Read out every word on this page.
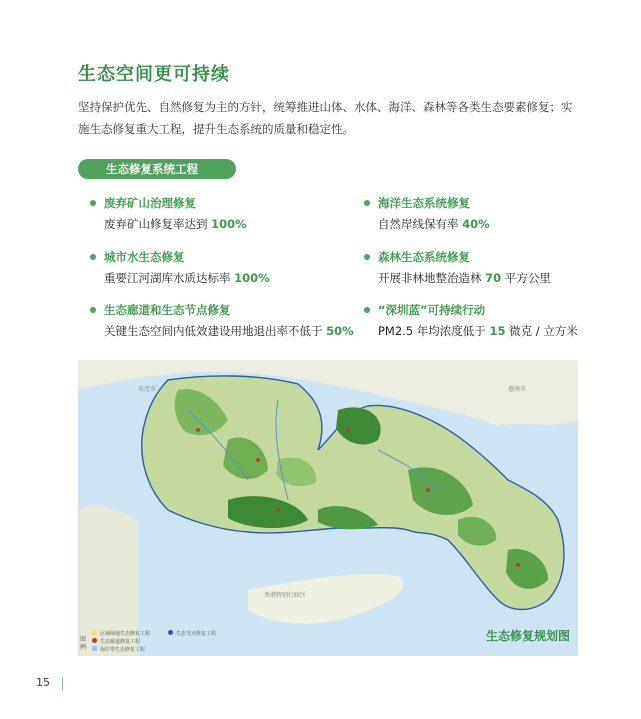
生态空间更可持续
坚持保护优先、自然修复为主的方针，统筹推进山体、水体、海洋、森林等各类生态要素修复；实施生态修复重大工程，提升生态系统的质量和稳定性。
生态修复系统工程
废弃矿山治理修复
废弃矿山修复率达到 100%
海洋生态系统修复
自然岸线保有率 40%
城市水生态修复
重要江河湖库水质达标率 100%
森林生态系统修复
开展非林地整治造林 70 平方公里
生态廊道和生态节点修复
关键生态空间内低效建设用地退出率不低于 50%
“深圳蓝”可持续行动
PM2.5 年均浓度低于 15 微克 / 立方米
东莞市	惠州市
香港特别行政区
生态修复规划图
图例
区域绿地生态修复工程
生态廊道修复工程
海岸带生态修复工程
生态节点修复工程
15
